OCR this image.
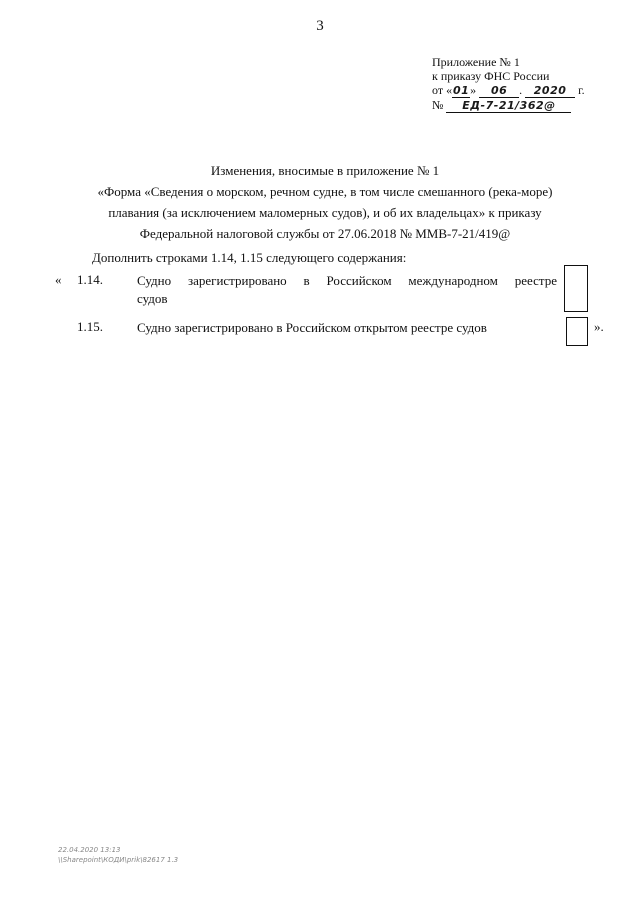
3
Приложение № 1
к приказу ФНС России
от «01» 06 . 2020 г.
№ ЕД-7-21/362@
Изменения, вносимые в приложение № 1
«Форма «Сведения о морском, речном судне, в том числе смешанного (река-море)
плавания (за исключением маломерных судов), и об их владельцах» к приказу
Федеральной налоговой службы от 27.06.2018 № ММВ-7-21/419@
Дополнить строками 1.14, 1.15 следующего содержания:
« 1.14.	Судно зарегистрировано в Российском международном реестре
судов
1.15.	Судно зарегистрировано в Российском открытом реестре судов	».
22.04.2020 13:13
\\Sharepoint\КОДИ\prik\82617 1.3
